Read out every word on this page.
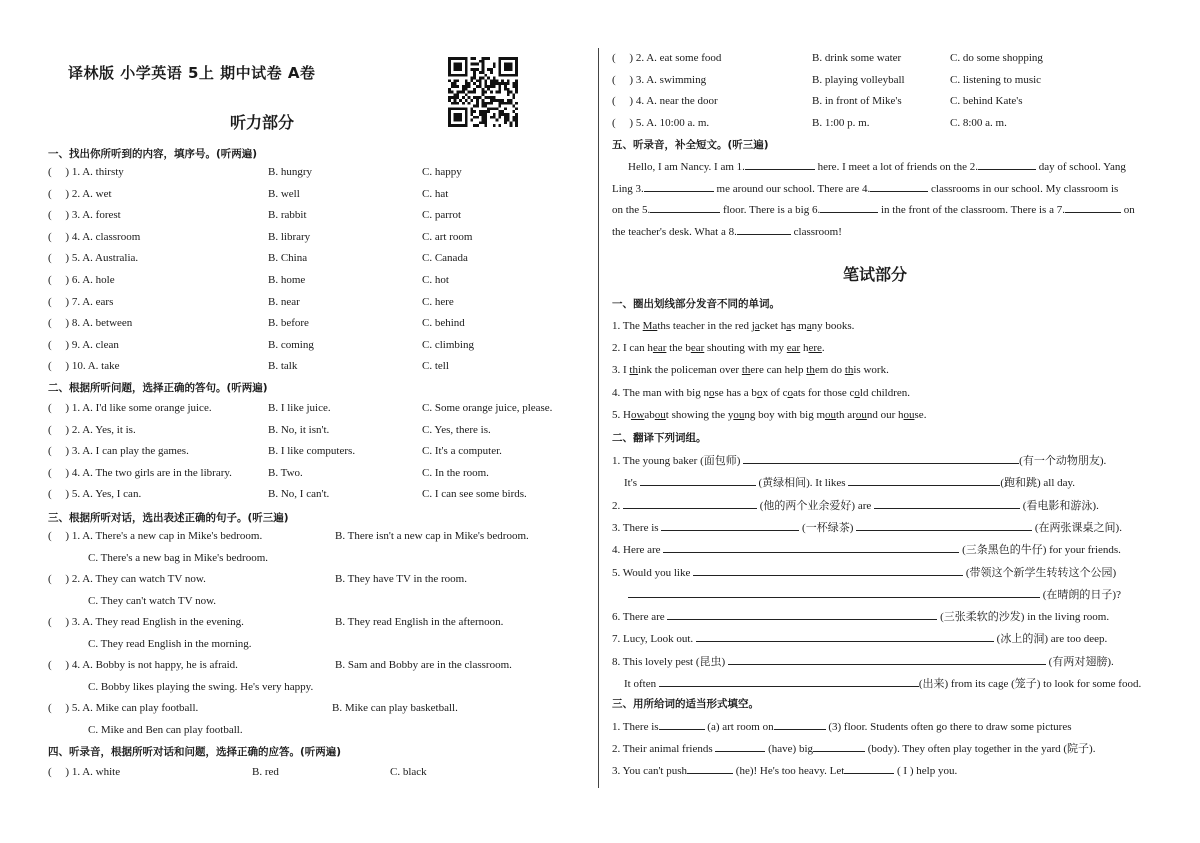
译林版 小学英语 5上 期中试卷 A卷
听力部分
一、找出你所听到的内容，填序号。(听两遍)
(　 ) 1. A. thirsty	B. hungry	C. happy
(　 ) 2. A. wet	B. well	C. hat
(　 ) 3. A. forest	B. rabbit	C. parrot
(　 ) 4. A. classroom	B. library	C. art room
(　 ) 5. A. Australia.	B. China	C. Canada
(　 ) 6. A. hole	B. home	C. hot
(　 ) 7. A. ears	B. near	C. here
(　 ) 8. A. between	B. before	C. behind
(　 ) 9. A. clean	B. coming	C. climbing
(　 ) 10. A. take	B. talk	C. tell
二、根据所听问题，选择正确的答句。(听两遍)
(　 ) 1. A. I'd like some orange juice.	B. I like juice.	C. Some orange juice, please.
(　 ) 2. A. Yes, it is.	B. No, it isn't.	C. Yes, there is.
(　 ) 3. A. I can play the games.	B. I like computers.	C. It's a computer.
(　 ) 4. A. The two girls are in the library.	B. Two.	C. In the room.
(　 ) 5. A. Yes, I can.	B. No, I can't.	C. I can see some birds.
三、根据所听对话，选出表述正确的句子。(听三遍)
(　 ) 1. A. There's a new cap in Mike's bedroom.	B. There isn't a new cap in Mike's bedroom.
C. There's a new bag in Mike's bedroom.
(　 ) 2. A. They can watch TV now.	B. They have TV in the room.
C. They can't watch TV now.
(　 ) 3. A. They read English in the evening.	B. They read English in the afternoon.
C. They read English in the morning.
(　 ) 4. A. Bobby is not happy, he is afraid.	B. Sam and Bobby are in the classroom.
C. Bobby likes playing the swing. He's very happy.
(　 ) 5. A. Mike can play football.	B. Mike can play basketball.
C. Mike and Ben can play football.
四、听录音，根据所听对话和问题，选择正确的应答。(听两遍)
(　 ) 1. A. white	B. red	C. black
(　 ) 2. A. eat some food	B. drink some water	C. do some shopping
(　 ) 3. A. swimming	B. playing volleyball	C. listening to music
(　 ) 4. A. near the door	B. in front of Mike's	C. behind Kate's
(　 ) 5. A. 10:00 a. m.	B. 1:00 p. m.	C. 8:00 a. m.
五、听录音，补全短文。(听三遍)
Hello, I am Nancy. I am 1.	here. I meet a lot of friends on the 2.	day of school. Yang
Ling 3.	me around our school. There are 4.	classrooms in our school. My classroom is
on the 5.	floor. There is a big 6.	in the front of the classroom. There is a 7.	on
the teacher's desk. What a 8.	classroom!
笔试部分
一、圈出划线部分发音不同的单词。
1. The Maths teacher in the red jacket has many books.
2. I can hear the bear shouting with my ear here.
3. I think the policeman over there can help them do this work.
4. The man with big nose has a box of coats for those cold children.
5. Howabout showing the young boy with big mouth around our house.
二、翻译下列词组。
1. The young baker (面包师)	(有一个动物朋友).
It's	(黄绿相间). It likes	(跑和跳) all day.
2.	(他的两个业余爱好) are	(看电影和游泳).
3. There is	(一杯绿茶)	(在两张课桌之间).
4. Here are	(三条黑色的牛仔) for your friends.
5. Would you like	(带领这个新学生转转这个公园)
(在晴朗的日子)?
6. There are	(三张柔软的沙发) in the living room.
7. Lucy, Look out.	(冰上的洞) are too deep.
8. This lovely pest (昆虫)	(有两对翅膀).
It often	(出来) from its cage (笼子) to look for some food.
三、用所给词的适当形式填空。
1. There is	(a) art room on	(3) floor. Students often go there to draw some pictures
2. Their animal friends	(have) big	(body). They often play together in the yard (院子).
3. You can't push	(he)! He's too heavy. Let	( I ) help you.
